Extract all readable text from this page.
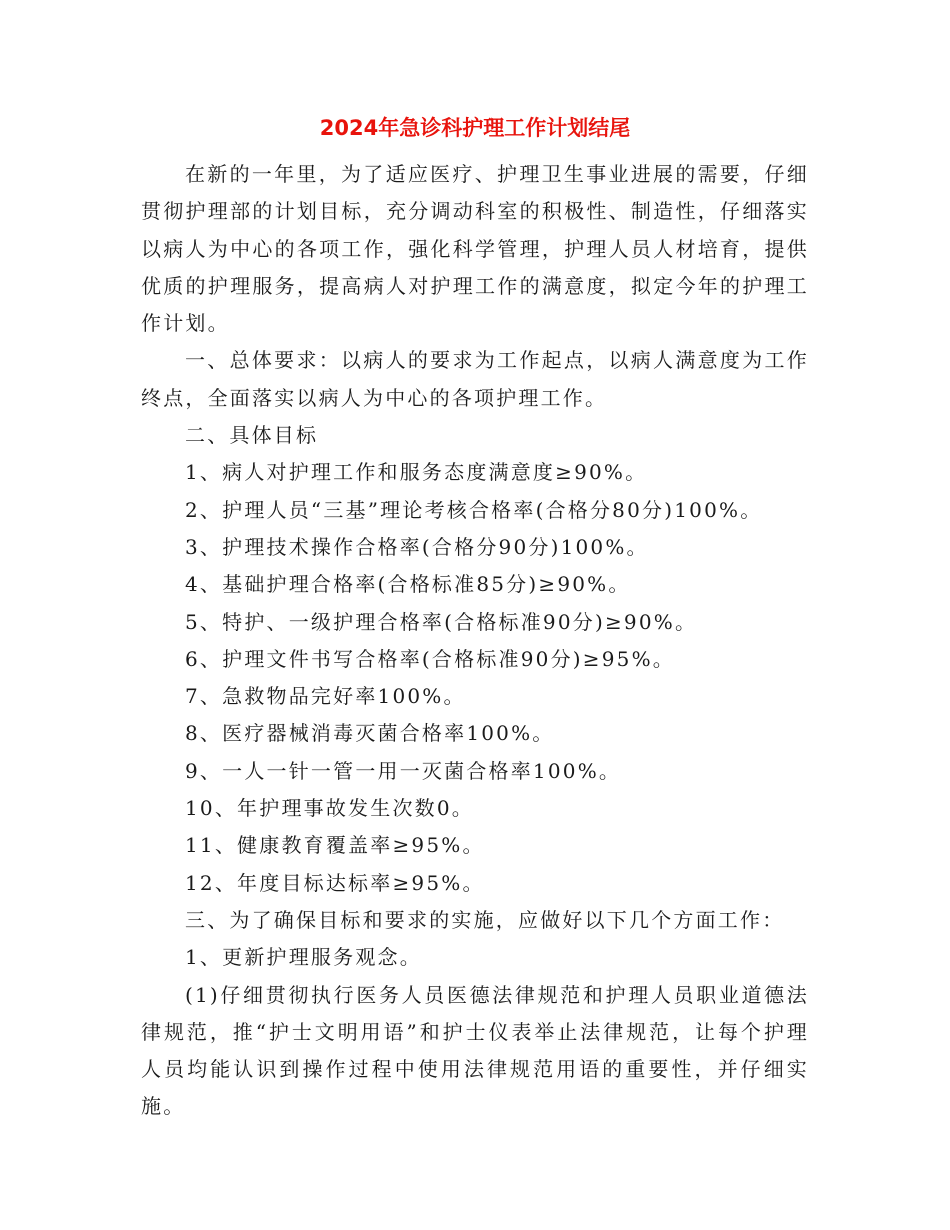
2024年急诊科护理工作计划结尾

在新的一年里，为了适应医疗、护理卫生事业进展的需要，仔细贯彻护理部的计划目标，充分调动科室的积极性、制造性，仔细落实以病人为中心的各项工作，强化科学管理，护理人员人材培育，提供优质的护理服务，提高病人对护理工作的满意度，拟定今年的护理工作计划。

一、总体要求：以病人的要求为工作起点，以病人满意度为工作终点，全面落实以病人为中心的各项护理工作。

二、具体目标

1、病人对护理工作和服务态度满意度≥90%。

2、护理人员“三基”理论考核合格率(合格分80分)100%。

3、护理技术操作合格率(合格分90分)100%。

4、基础护理合格率(合格标准85分)≥90%。

5、特护、一级护理合格率(合格标准90分)≥90%。

6、护理文件书写合格率(合格标准90分)≥95%。

7、急救物品完好率100%。

8、医疗器械消毒灭菌合格率100%。

9、一人一针一管一用一灭菌合格率100%。

10、年护理事故发生次数0。

11、健康教育覆盖率≥95%。

12、年度目标达标率≥95%。

三、为了确保目标和要求的实施，应做好以下几个方面工作：

1、更新护理服务观念。

(1)仔细贯彻执行医务人员医德法律规范和护理人员职业道德法律规范，推“护士文明用语”和护士仪表举止法律规范，让每个护理人员均能认识到操作过程中使用法律规范用语的重要性，并仔细实施。
